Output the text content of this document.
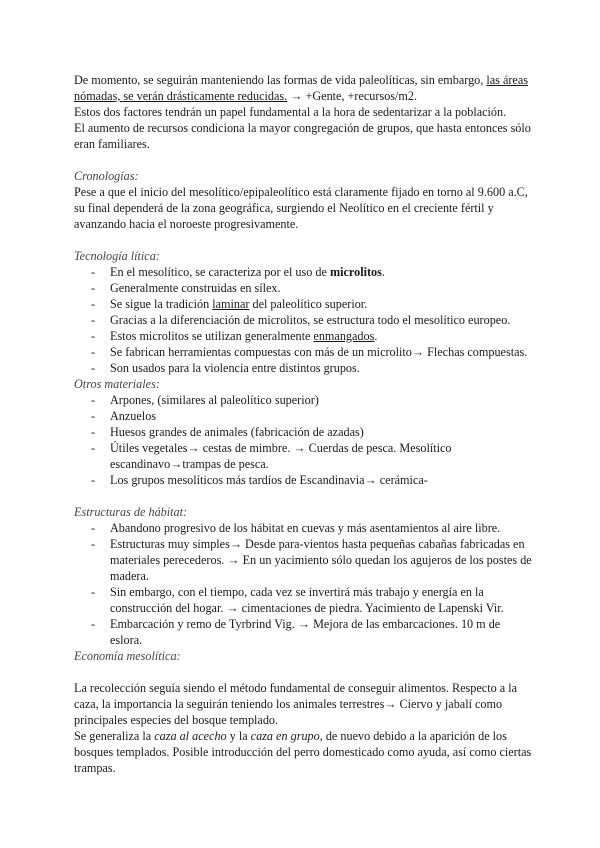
De momento, se seguirán manteniendo las formas de vida paleolíticas, sin embargo, las áreas nómadas, se verán drásticamente reducidas. → +Gente, +recursos/m2.

Estos dos factores tendrán un papel fundamental a la hora de sedentarizar a la población.

El aumento de recursos condiciona la mayor congregación de grupos, que hasta entonces sólo eran familiares.

Cronologías:

Pese a que el inicio del mesolítico/epipaleolítico está claramente fijado en torno al 9.600 a.C, su final dependerá de la zona geográfica, surgiendo el Neolítico en el creciente fértil y avanzando hacia el noroeste progresivamente.

Tecnología lítica:

- En el mesolítico, se caracteriza por el uso de microlitos.
- Generalmente construidas en sílex.
- Se sigue la tradición laminar del paleolítico superior.
- Gracias a la diferenciación de microlitos, se estructura todo el mesolítico europeo.
- Estos microlitos se utilizan generalmente enmangados.
- Se fabrican herramientas compuestas con más de un microlito→ Flechas compuestas.
- Son usados para la violencia entre distintos grupos.

Otros materiales:

- Arpones, (similares al paleolítico superior)
- Anzuelos
- Huesos grandes de animales (fabricación de azadas)
- Útiles vegetales→ cestas de mimbre. → Cuerdas de pesca. Mesolítico escandinavo→trampas de pesca.
- Los grupos mesolíticos más tardíos de Escandinavia→ cerámica-

Estructuras de hábitat:

- Abandono progresivo de los hábitat en cuevas y más asentamientos al aire libre.
- Estructuras muy simples→ Desde para-vientos hasta pequeñas cabañas fabricadas en materiales perecederos. → En un yacimiento sólo quedan los agujeros de los postes de madera.
- Sin embargo, con el tiempo, cada vez se invertirá más trabajo y energía en la construcción del hogar. → cimentaciones de piedra. Yacimiento de Lapenski Vir.
- Embarcación y remo de Tyrbrind Vig. → Mejora de las embarcaciones. 10 m de eslora.

Economía mesolítica:

La recolección seguía siendo el método fundamental de conseguir alimentos. Respecto a la caza, la importancia la seguirán teniendo los animales terrestres→ Ciervo y jabalí como principales especies del bosque templado.

Se generaliza la caza al acecho y la caza en grupo, de nuevo debido a la aparición de los bosques templados. Posible introducción del perro domesticado como ayuda, así como ciertas trampas.
